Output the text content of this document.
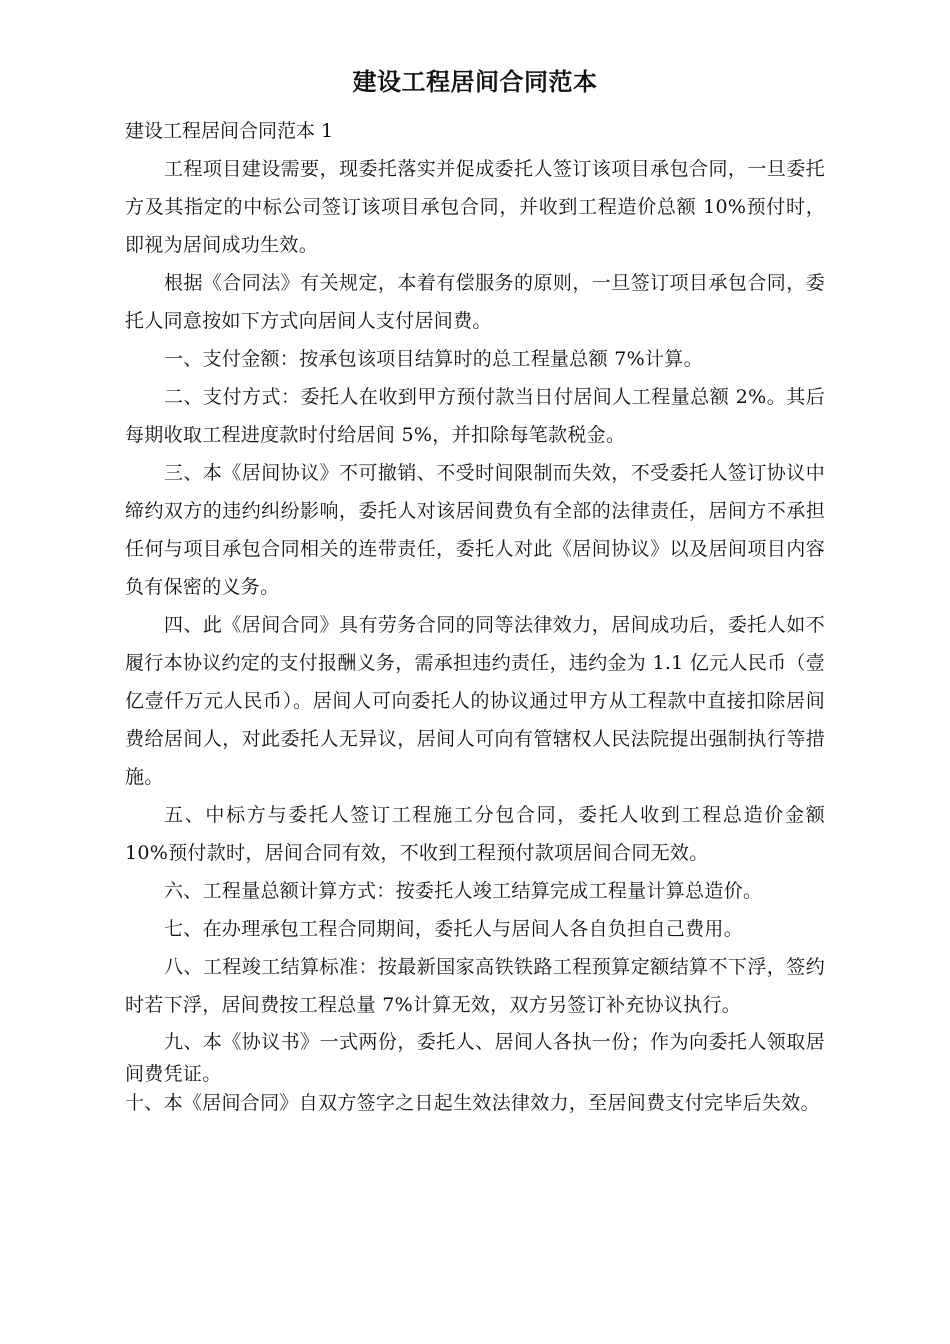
建设工程居间合同范本

建设工程居间合同范本 1

工程项目建设需要，现委托落实并促成委托人签订该项目承包合同，一旦委托方及其指定的中标公司签订该项目承包合同，并收到工程造价总额 10%预付时，即视为居间成功生效。

根据《合同法》有关规定，本着有偿服务的原则，一旦签订项目承包合同，委托人同意按如下方式向居间人支付居间费。

一、支付金额：按承包该项目结算时的总工程量总额 7%计算。

二、支付方式：委托人在收到甲方预付款当日付居间人工程量总额 2%。其后每期收取工程进度款时付给居间 5%，并扣除每笔款税金。

三、本《居间协议》不可撤销、不受时间限制而失效，不受委托人签订协议中缔约双方的违约纠纷影响，委托人对该居间费负有全部的法律责任，居间方不承担任何与项目承包合同相关的连带责任，委托人对此《居间协议》以及居间项目内容负有保密的义务。

四、此《居间合同》具有劳务合同的同等法律效力，居间成功后，委托人如不履行本协议约定的支付报酬义务，需承担违约责任，违约金为 1.1 亿元人民币（壹亿壹仟万元人民币）。居间人可向委托人的协议通过甲方从工程款中直接扣除居间费给居间人，对此委托人无异议，居间人可向有管辖权人民法院提出强制执行等措施。

五、中标方与委托人签订工程施工分包合同，委托人收到工程总造价金额 10%预付款时，居间合同有效，不收到工程预付款项居间合同无效。

六、工程量总额计算方式：按委托人竣工结算完成工程量计算总造价。

七、在办理承包工程合同期间，委托人与居间人各自负担自己费用。

八、工程竣工结算标准：按最新国家高铁铁路工程预算定额结算不下浮，签约时若下浮，居间费按工程总量 7%计算无效，双方另签订补充协议执行。

九、本《协议书》一式两份，委托人、居间人各执一份；作为向委托人领取居间费凭证。

十、本《居间合同》自双方签字之日起生效法律效力，至居间费支付完毕后失效。
